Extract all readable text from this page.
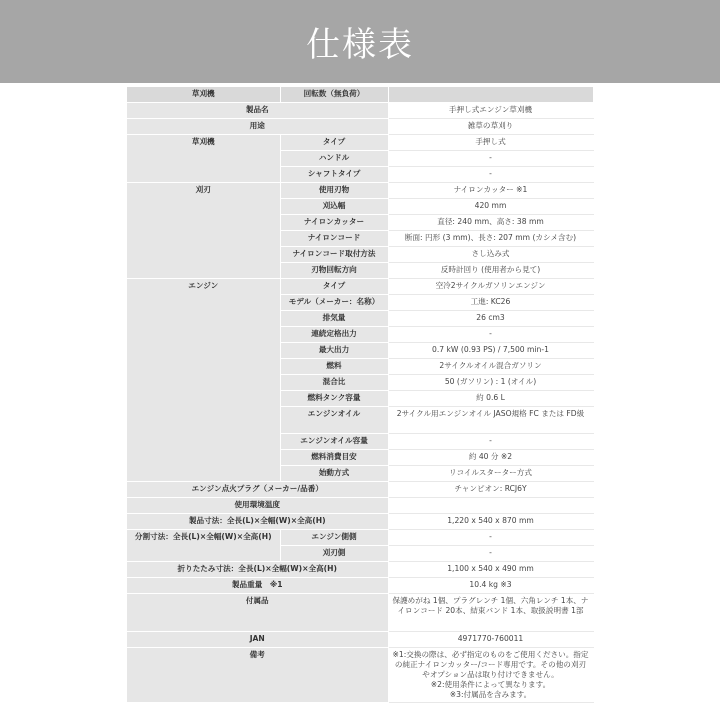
仕様表
草刈機	回転数（無負荷）	
製品名		手押し式エンジン草刈機
用途		雑草の草刈り
草刈機	タイプ	手押し式
	ハンドル	-
	シャフトタイプ	-
刈刃	使用刃物	ナイロンカッター ※1
	刈込幅	420 mm
	ナイロンカッター	直径: 240 mm、高さ: 38 mm
	ナイロンコード	断面: 円形 (3 mm)、長さ: 207 mm (カシメ含む)
	ナイロンコード取付方法	さし込み式
	刃物回転方向	反時計回り (使用者から見て)
エンジン	タイプ	空冷2サイクルガソリンエンジン
	モデル（メーカー：名称）	工進: KC26
	排気量	26 cm3
	連続定格出力	-
	最大出力	0.7 kW (0.93 PS) / 7,500 min-1
	燃料	2サイクルオイル混合ガソリン
	混合比	50 (ガソリン) : 1 (オイル)
	燃料タンク容量	約 0.6 L
	エンジンオイル	2サイクル用エンジンオイル JASO規格 FC または FD級
	エンジンオイル容量	-
	燃料消費目安	約 40 分 ※2
	始動方式	リコイルスターター方式
エンジン点火プラグ（メーカー/品番）		チャンピオン: RCJ6Y
使用環境温度		
製品寸法：全長(L)×全幅(W)×全高(H)		1,220 x 540 x 870 mm
分割寸法：全長(L)×全幅(W)×全高(H)	エンジン側側	-
	刈刃側	-
折りたたみ寸法：全長(L)×全幅(W)×全高(H)		1,100 x 540 x 490 mm
製品重量　※1		10.4 kg ※3
付属品		保護めがね 1個、プラグレンチ 1個、六角レンチ 1本、ナイロンコード 20本、結束バンド 1本、取扱説明書 1部
JAN		4971770-760011
備考		※1:交換の際は、必ず指定のものをご使用ください。指定の純正ナイロンカッター/コード専用です。その他の刈刃やオプション品は取り付けできません。
※2:使用条件によって異なります。
※3:付属品を含みます。
